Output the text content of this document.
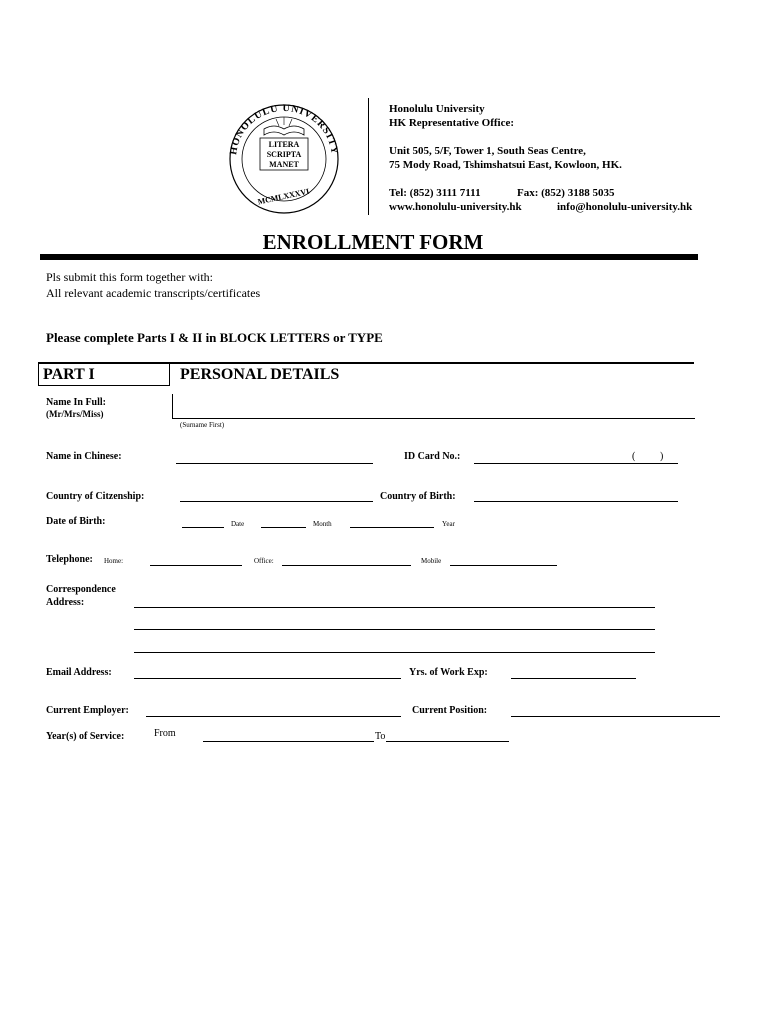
HONOLULU UNIVERSITY
LITERA
SCRIPTA
MANET
MCMLXXXVI
Honolulu University
HK Representative Office:
Unit 505, 5/F, Tower 1, South Seas Centre,
75 Mody Road, Tshimshatsui East, Kowloon, HK.
Tel: (852) 3111 7111	Fax: (852) 3188 5035
www.honolulu-university.hk	info@honolulu-university.hk
ENROLLMENT FORM
Pls submit this form together with:
All relevant academic transcripts/certificates
Please complete Parts I & II in BLOCK LETTERS or TYPE
PART I	PERSONAL DETAILS
Name In Full:
(Mr/Mrs/Miss)
(Surname First)
Name in Chinese:	ID Card No.:	( )
Country of Citzenship:	Country of Birth:
Date of Birth:	Date	Month	Year
Telephone: Home:	Office:	Mobile
Correspondence
Address:
Email Address:	Yrs. of Work Exp:
Current Employer:	Current Position:
Year(s) of Service:	From	To
